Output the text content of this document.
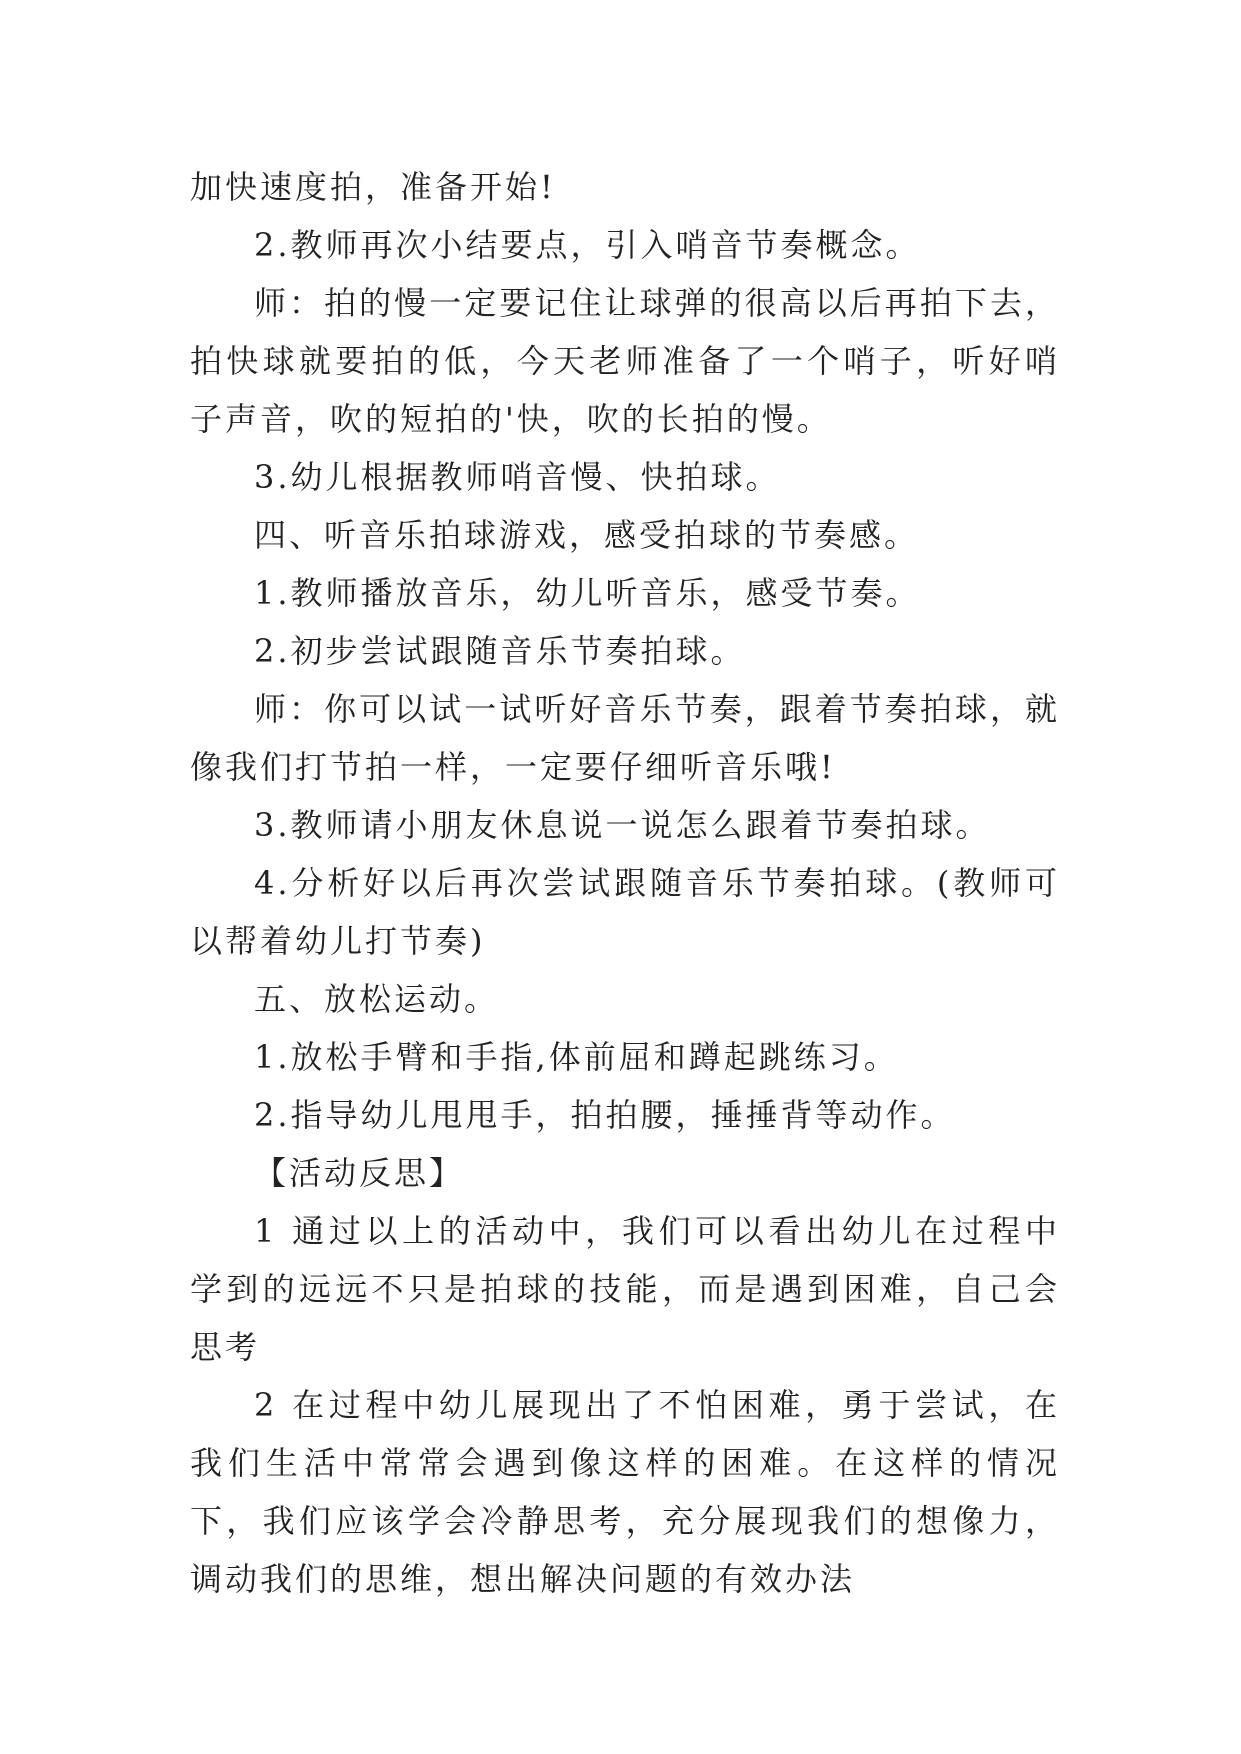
加快速度拍，准备开始!

2.教师再次小结要点，引入哨音节奏概念。

师：拍的慢一定要记住让球弹的很高以后再拍下去，拍快球就要拍的低，今天老师准备了一个哨子，听好哨子声音，吹的短拍的'快，吹的长拍的慢。

3.幼儿根据教师哨音慢、快拍球。

四、听音乐拍球游戏，感受拍球的节奏感。

1.教师播放音乐，幼儿听音乐，感受节奏。

2.初步尝试跟随音乐节奏拍球。

师：你可以试一试听好音乐节奏，跟着节奏拍球，就像我们打节拍一样，一定要仔细听音乐哦!

3.教师请小朋友休息说一说怎么跟着节奏拍球。

4.分析好以后再次尝试跟随音乐节奏拍球。(教师可以帮着幼儿打节奏)

五、放松运动。

1.放松手臂和手指,体前屈和蹲起跳练习。

2.指导幼儿甩甩手，拍拍腰，捶捶背等动作。

【活动反思】

1 通过以上的活动中，我们可以看出幼儿在过程中学到的远远不只是拍球的技能，而是遇到困难，自己会思考

2 在过程中幼儿展现出了不怕困难，勇于尝试，在我们生活中常常会遇到像这样的困难。在这样的情况下，我们应该学会冷静思考，充分展现我们的想像力，调动我们的思维，想出解决问题的有效办法
